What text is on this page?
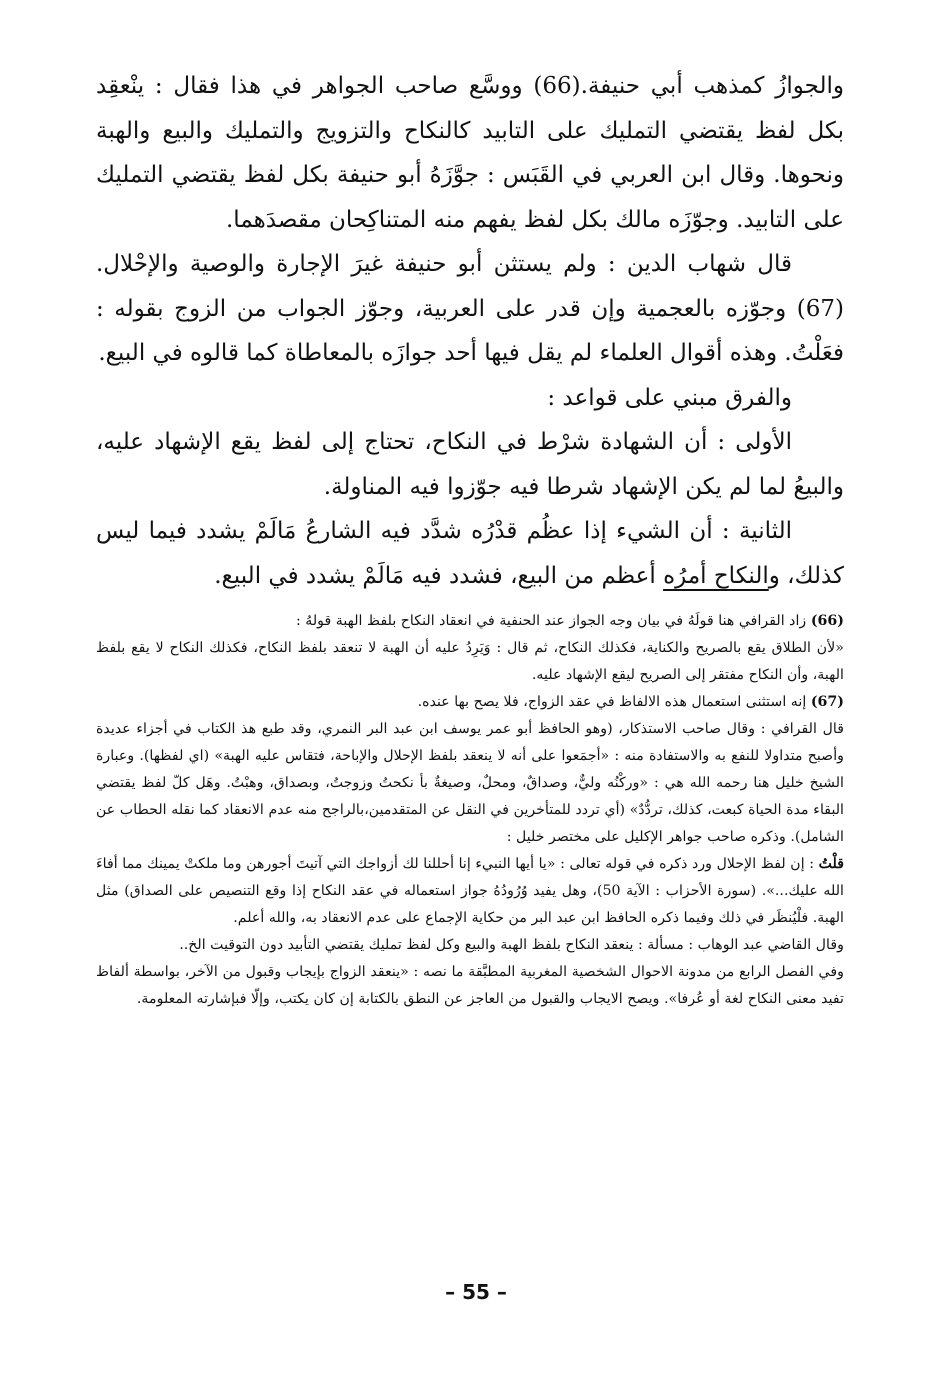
والجوازُ كمذهب أبي حنيفة.(66) ووسَّع صاحب الجواهر في هذا فقال : ينْعقِد بكل لفظ يقتضي التمليك على التابيد كالنكاح والتزويج والتمليك والبيع والهبة ونحوها. وقال ابن العربي في القَبَس : جوَّزَهُ أبو حنيفة بكل لفظ يقتضي التمليك على التابيد. وجوّزَه مالك بكل لفظ يفهم منه المتناكِحان مقصدَهما.

قال شهاب الدين : ولم يستثن أبو حنيفة غيرَ الإجارة والوصية والإحْلال.(67) وجوّزه بالعجمية وإن قدر على العربية، وجوّز الجواب من الزوج بقوله : فعَلْتُ. وهذه أقوال العلماء لم يقل فيها أحد جوازَه بالمعاطاة كما قالوه في البيع.

والفرق مبني على قواعد :

الأولى : أن الشهادة شرْط في النكاح، تحتاج إلى لفظ يقع الإشهاد عليه، والبيعُ لما لم يكن الإشهاد شرطا فيه جوّزوا فيه المناولة.

الثانية : أن الشيء إذا عظُم قدْرُه شدَّد فيه الشارعُ مَالَمْ يشدد فيما ليس كذلك، والنكاح أمرُه أعظم من البيع، فشدد فيه مَالَمْ يشدد في البيع.

(66) زاد القرافي هنا قولَهُ في بيان وجه الجواز عند الحنفية في انعقاد النكاح بلفظ الهبة قولهُ :

«لأن الطلاق يقع بالصريح والكناية، فكذلك النكاح، ثم قال : وَيَرِدُ عليه أن الهبة لا تنعقد بلفظ النكاح، فكذلك النكاح لا يقع بلفظ الهبة، وأن النكاح مفتقر إلى الصريح ليقع الإشهاد عليه.

(67) إنه استثنى استعمال هذه الالفاظ في عقد الزواج، فلا يصح بها عنده.

قال القرافي : وقال صاحب الاستذكار، (وهو الحافظ أبو عمر يوسف ابن عبد البر النمري، وقد طبع هذ الكتاب في أجزاء عديدة وأصبح متداولا للنفع به والاستفادة منه : «أجمَعوا على أنه لا ينعقد بلفظ الإحلال والإباحة، فتقاس عليه الهبة» (اي لفظها). وعبارة الشيخ خليل هنا رحمه الله هي : «وركْنُه وليٌّ، وصداقٌ، ومحلٌ، وصيغةٌ بأ نكحتُ وزوجتُ، وبصداق، وهبْتُ. وهَل كلّ لفظ يقتضي البقاء مدة الحياة كبعت، كذلك، تردُّدٌ» (أي تردد للمتأخرين في النقل عن المتقدمين،بالراجح منه عدم الانعقاد كما نقله الحطاب عن الشامل). وذكره صاحب جواهر الإكليل على مختصر خليل :

قلْتُ : إن لفظ الإحلال ورد ذكره في قوله تعالى : «يا أيها النبيء إنا أحللنا لك أزواجك التي آتيتَ أجورهن وما ملكتْ يمينك مما أفاءَ الله عليك...». (سورة الأحزاب : الآية 50)، وهل يفيد وُرُودُهُ جواز استعماله في عقد النكاح إذا وقع التنصيص على الصداق) مثل الهبة. فلْيُنظَر في ذلك وفيما ذكره الحافظ ابن عبد البر من حكاية الإجماع على عدم الانعقاد به، والله أعلم.

وقال القاضي عبد الوهاب : مسألة : ينعقد النكاح بلفظ الهبة والبيع وكل لفظ تمليك يقتضي التأبيد دون التوقيت الخ..

وفي الفصل الرابع من مدونة الاحوال الشخصية المغربية المطبَّقة ما نصه : «ينعقد الزواج بإيجاب وقبول من الآخر، بواسطة ألفاظ تفيد معنى النكاح لغة أو عُرفا». ويصح الايجاب والقبول من العاجز عن النطق بالكتابة إن كان يكتب، وإلّا فبإشارته المعلومة.

– 55 –
